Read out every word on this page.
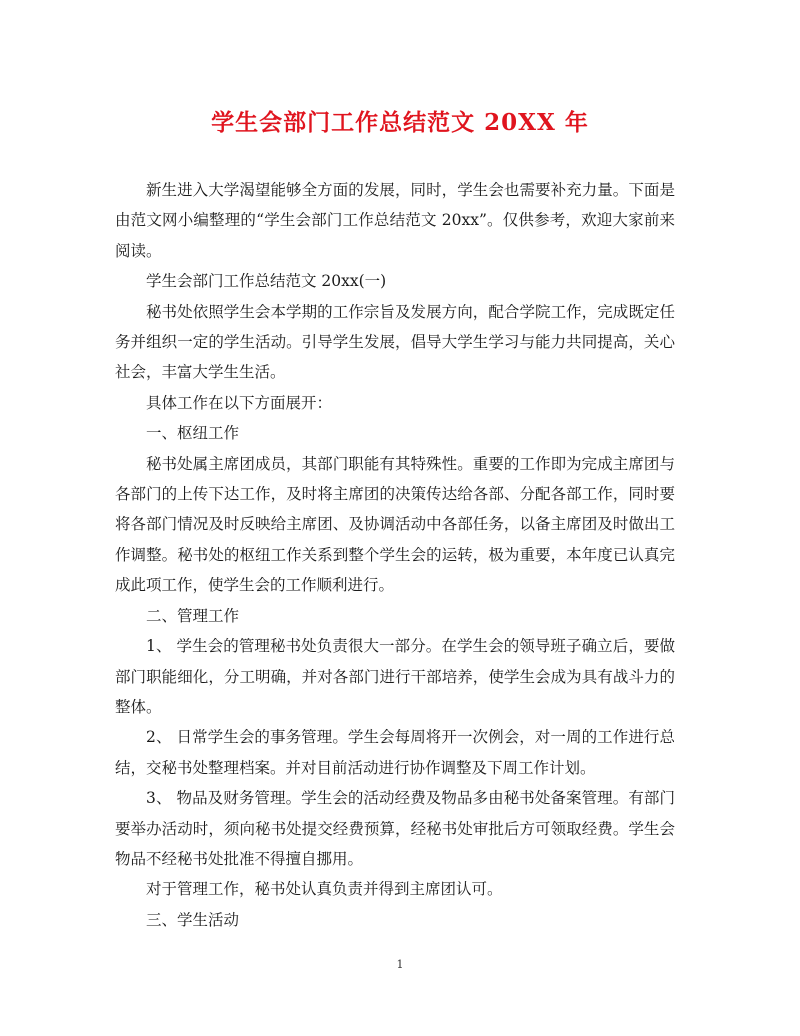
学生会部门工作总结范文 20XX 年

新生进入大学渴望能够全方面的发展，同时，学生会也需要补充力量。下面是由范文网小编整理的“学生会部门工作总结范文 20xx”。仅供参考，欢迎大家前来阅读。

学生会部门工作总结范文 20xx(一)

秘书处依照学生会本学期的工作宗旨及发展方向，配合学院工作，完成既定任务并组织一定的学生活动。引导学生发展，倡导大学生学习与能力共同提高，关心社会，丰富大学生生活。

具体工作在以下方面展开：

一、枢纽工作

秘书处属主席团成员，其部门职能有其特殊性。重要的工作即为完成主席团与各部门的上传下达工作，及时将主席团的决策传达给各部、分配各部工作，同时要将各部门情况及时反映给主席团、及协调活动中各部任务，以备主席团及时做出工作调整。秘书处的枢纽工作关系到整个学生会的运转，极为重要，本年度已认真完成此项工作，使学生会的工作顺利进行。

二、管理工作

1、 学生会的管理秘书处负责很大一部分。在学生会的领导班子确立后，要做部门职能细化，分工明确，并对各部门进行干部培养，使学生会成为具有战斗力的整体。

2、 日常学生会的事务管理。学生会每周将开一次例会，对一周的工作进行总结，交秘书处整理档案。并对目前活动进行协作调整及下周工作计划。

3、 物品及财务管理。学生会的活动经费及物品多由秘书处备案管理。有部门要举办活动时，须向秘书处提交经费预算，经秘书处审批后方可领取经费。学生会物品不经秘书处批准不得擅自挪用。

对于管理工作，秘书处认真负责并得到主席团认可。

三、学生活动

1
